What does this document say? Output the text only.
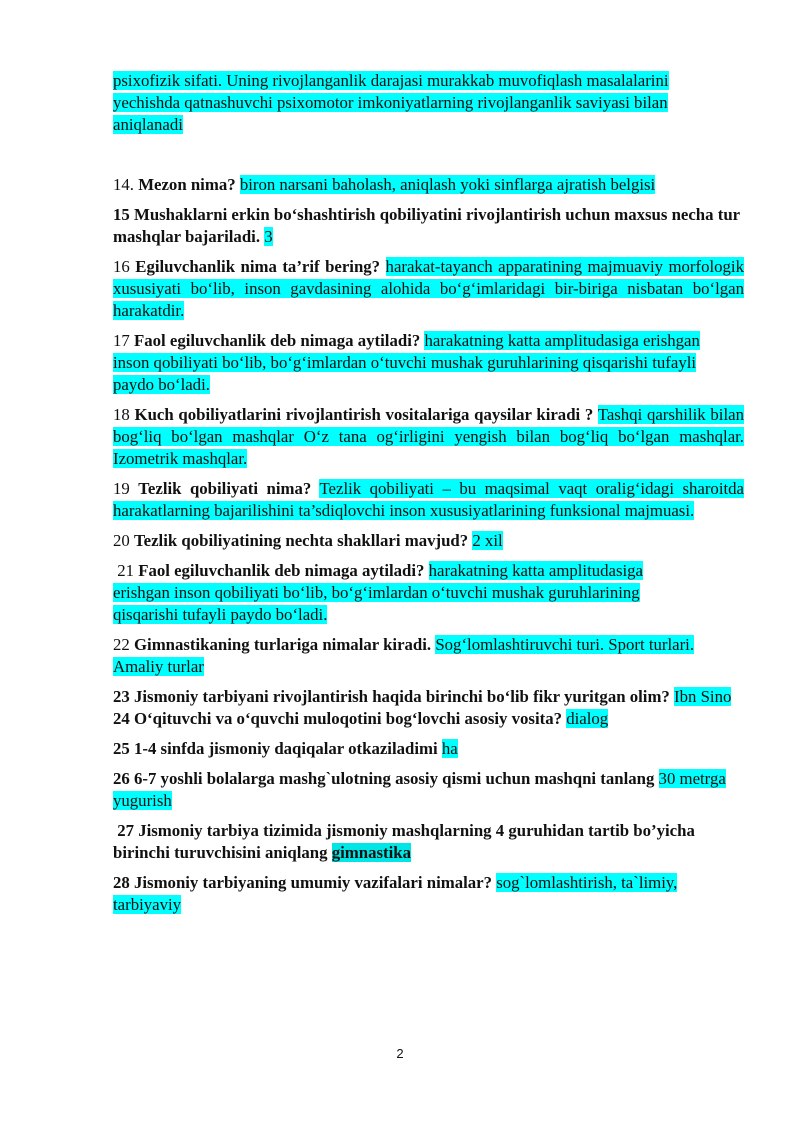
psixofizik sifati. Uning rivojlanganlik darajasi murakkab muvofiqlash masalalarini
yechishda qatnashuvchi psixomotor imkoniyatlarning rivojlanganlik saviyasi bilan
aniqlanadi

14. Mezon nima? biron narsani baholash, aniqlash yoki sinflarga ajratish belgisi

15 Mushaklarni erkin bo‘shashtirish qobiliyatini rivojlantirish uchun maxsus necha tur mashqlar bajariladi. 3

16 Egiluvchanlik nima ta’rif bering? harakat-tayanch apparatining majmuaviy morfologik xususiyati bo‘lib, inson gavdasining alohida bo‘g‘imlaridagi bir-biriga nisbatan bo‘lgan harakatdir.

17 Faol egiluvchanlik deb nimaga aytiladi? harakatning katta amplitudasiga erishgan inson qobiliyati bo‘lib, bo‘g‘imlardan o‘tuvchi mushak guruhlarining qisqarishi tufayli paydo bo‘ladi.

18 Kuch qobiliyatlarini rivojlantirish vositalariga qaysilar kiradi ? Tashqi qarshilik bilan bog‘liq bo‘lgan mashqlar O‘z tana og‘irligini yengish bilan bog‘liq bo‘lgan mashqlar. Izometrik mashqlar.

19 Tezlik qobiliyati nima? Tezlik qobiliyati – bu maqsimal vaqt oralig‘idagi sharoitda harakatlarning bajarilishini ta’sdiqlovchi inson xususiyatlarining funksional majmuasi.

20 Tezlik qobiliyatining nechta shakllari mavjud? 2 xil

21 Faol egiluvchanlik deb nimaga aytiladi? harakatning katta amplitudasiga erishgan inson qobiliyati bo‘lib, bo‘g‘imlardan o‘tuvchi mushak guruhlarining qisqarishi tufayli paydo bo‘ladi.

22 Gimnastikaning turlariga nimalar kiradi. Sog‘lomlashtiruvchi turi. Sport turlari. Amaliy turlar

23 Jismoniy tarbiyani rivojlantirish haqida birinchi bo‘lib fikr yuritgan olim? Ibn Sino

24 O‘qituvchi va o‘quvchi muloqotini bog‘lovchi asosiy vosita? dialog

25 1-4 sinfda jismoniy daqiqalar otkaziladimi ha

26 6-7 yoshli bolalarga mashg`ulotning asosiy qismi uchun mashqni tanlang 30 metrga yugurish

27 Jismoniy tarbiya tizimida jismoniy mashqlarning 4 guruhidan tartib bo’yicha birinchi turuvchisini aniqlang gimnastika

28 Jismoniy tarbiyaning umumiy vazifalari nimalar? sog`lomlashtirish, ta`limiy, tarbiyaviy

2
